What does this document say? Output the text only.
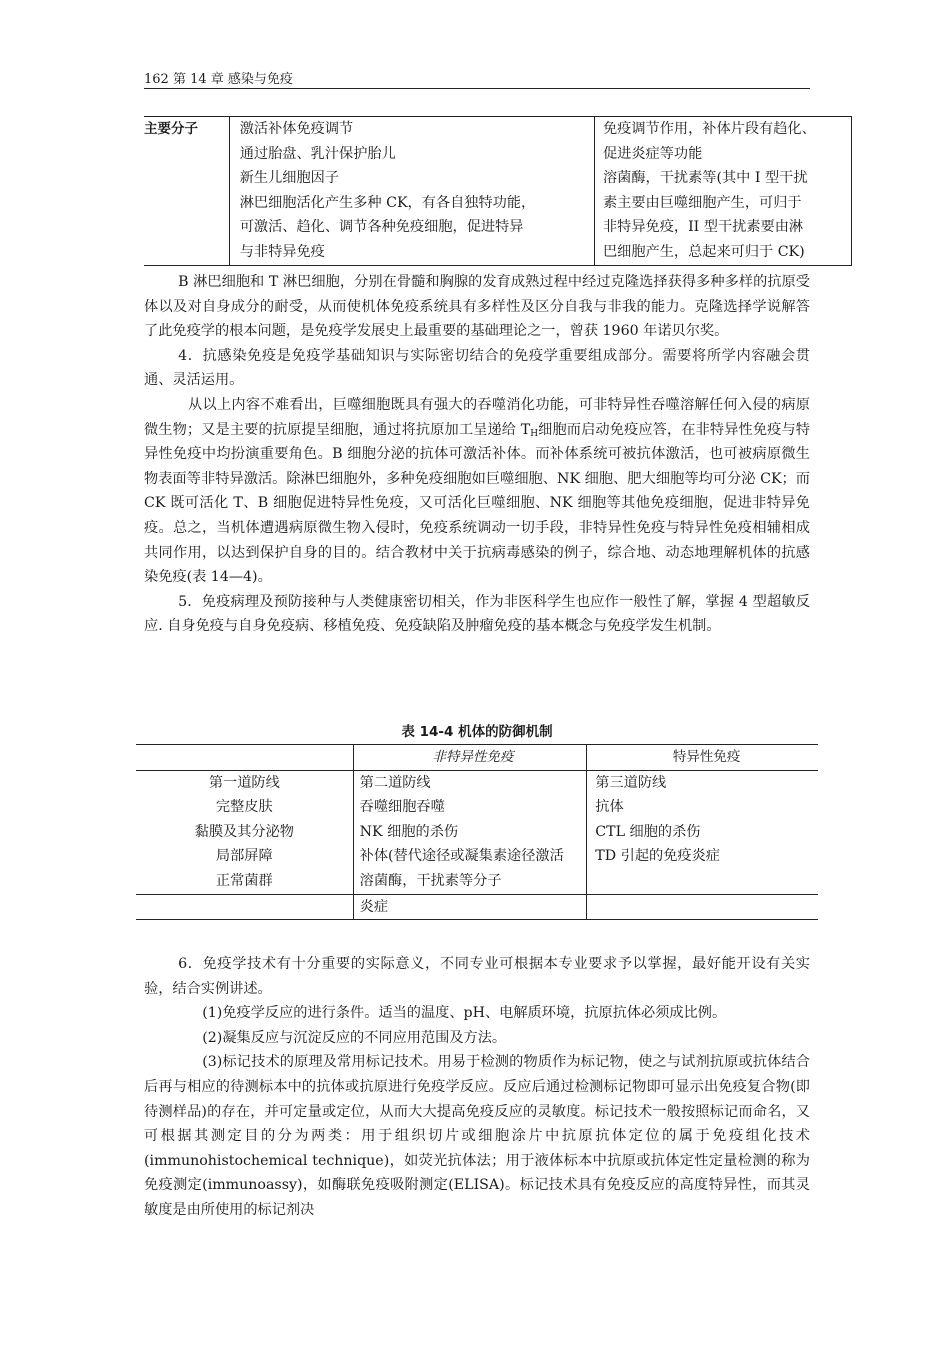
162 第 14 章 感染与免疫
主要分子	激活补体免疫调节
通过胎盘、乳汁保护胎儿
新生儿细胞因子
淋巴细胞活化产生多种 CK，有各自独特功能，
可激活、趋化、调节各种免疫细胞，促进特异
与非特异免疫

免疫调节作用，补体片段有趋化、
促进炎症等功能
溶菌酶，干扰素等(其中 I 型干扰
素主要由巨噬细胞产生，可归于
非特异免疫，II 型干扰素要由淋
巴细胞产生，总起来可归于 CK)

B 淋巴细胞和 T 淋巴细胞，分别在骨髓和胸腺的发育成熟过程中经过克隆选择获得多种多样的抗原受体以及对自身成分的耐受，从而使机体免疫系统具有多样性及区分自我与非我的能力。克隆选择学说解答了此免疫学的根本问题，是免疫学发展史上最重要的基础理论之一，曾获 1960 年诺贝尔奖。

4．抗感染免疫是免疫学基础知识与实际密切结合的免疫学重要组成部分。需要将所学内容融会贯通、灵活运用。

从以上内容不难看出，巨噬细胞既具有强大的吞噬消化功能，可非特异性吞噬溶解任何入侵的病原微生物；又是主要的抗原提呈细胞，通过将抗原加工呈递给 $T_H$细胞而启动免疫应答，在非特异性免疫与特异性免疫中均扮演重要角色。B 细胞分泌的抗体可激活补体。而补体系统可被抗体激活，也可被病原微生物表面等非特异激活。除淋巴细胞外，多种免疫细胞如巨噬细胞、NK 细胞、肥大细胞等均可分泌 CK；而 CK 既可活化 T、B 细胞促进特异性免疫，又可活化巨噬细胞、NK 细胞等其他免疫细胞，促进非特异免疫。总之，当机体遭遇病原微生物入侵时，免疫系统调动一切手段，非特异性免疫与特异性免疫相辅相成共同作用，以达到保护自身的目的。结合教材中关于抗病毒感染的例子，综合地、动态地理解机体的抗感染免疫(表 14—4)。

5．免疫病理及预防接种与人类健康密切相关，作为非医科学生也应作一般性了解，掌握 4 型超敏反应. 自身免疫与自身免疫病、移植免疫、免疫缺陷及肿瘤免疫的基本概念与免疫学发生机制。

表 14-4 机体的防御机制
	非特异性免疫	特异性免疫
第一道防线	第二道防线	第三道防线
完整皮肤	吞噬细胞吞噬	抗体
黏膜及其分泌物	NK 细胞的杀伤	CTL 细胞的杀伤
局部屏障	补体(替代途径或凝集素途径激活	TD 引起的免疫炎症
正常菌群	溶菌酶，干扰素等分子	
	炎症	

6．免疫学技术有十分重要的实际意义，不同专业可根据本专业要求予以掌握，最好能开设有关实验，结合实例讲述。

(1)免疫学反应的进行条件。适当的温度、pH、电解质环境，抗原抗体必须成比例。

(2)凝集反应与沉淀反应的不同应用范围及方法。

(3)标记技术的原理及常用标记技术。用易于检测的物质作为标记物，使之与试剂抗原或抗体结合后再与相应的待测标本中的抗体或抗原进行免疫学反应。反应后通过检测标记物即可显示出免疫复合物(即待测样品)的存在，并可定量或定位，从而大大提高免疫反应的灵敏度。标记技术一般按照标记而命名，又可根据其测定目的分为两类：用于组织切片或细胞涂片中抗原抗体定位的属于免疫组化技术(immunohistochemical technique)，如荧光抗体法；用于液体标本中抗原或抗体定性定量检测的称为免疫测定(immunoassy)，如酶联免疫吸附测定(ELISA)。标记技术具有免疫反应的高度特异性，而其灵敏度是由所使用的标记剂决
